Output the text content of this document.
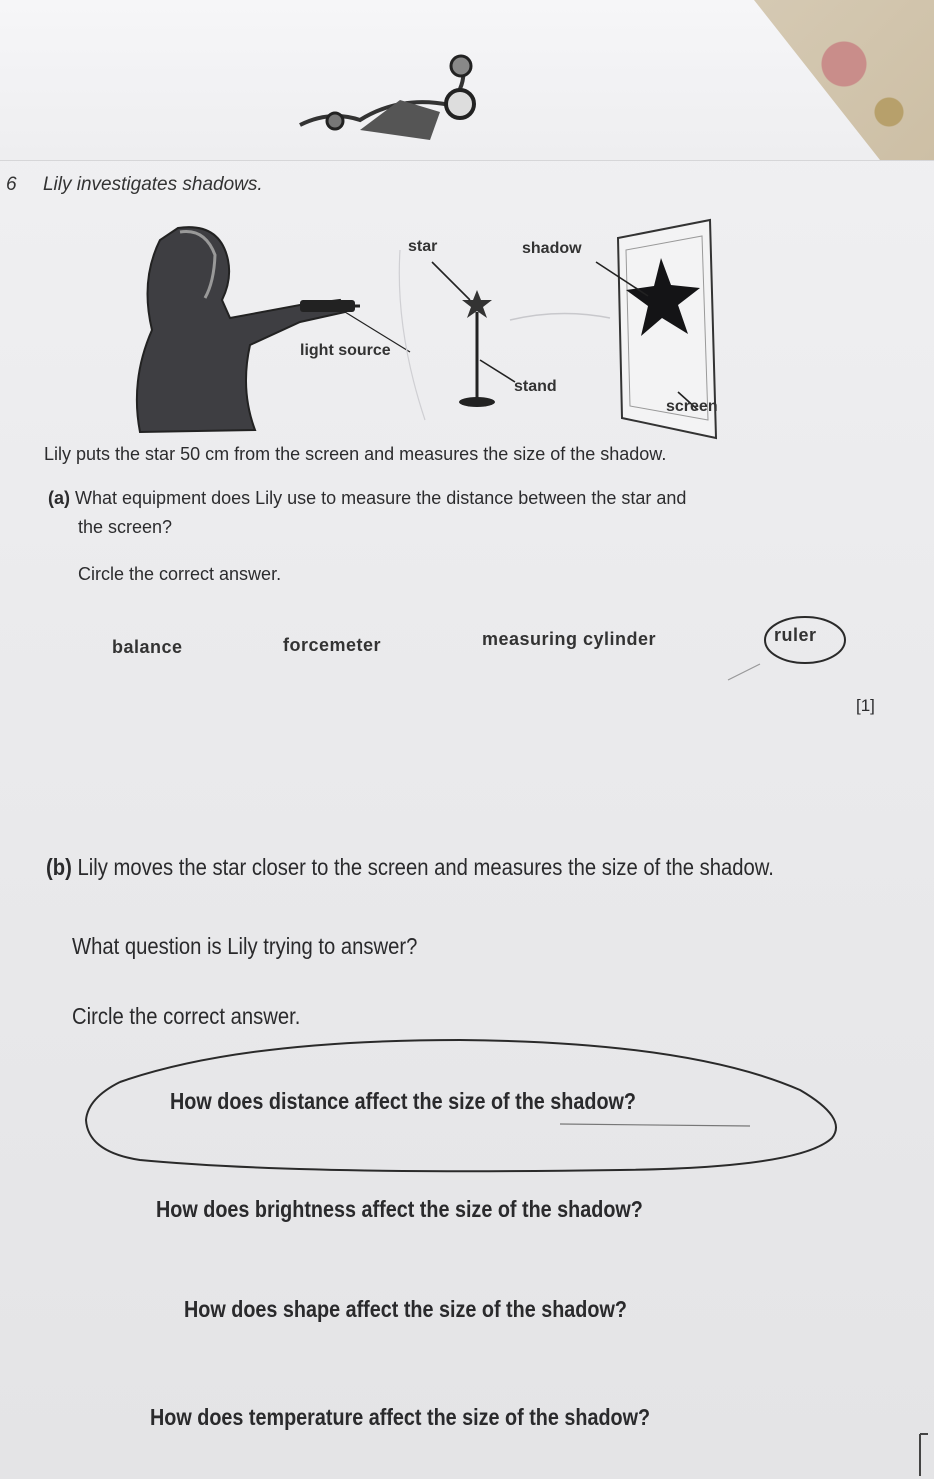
6 Lily investigates shadows.
star	shadow
light source
stand
screen
Lily puts the star 50 cm from the screen and measures the size of the shadow.
(a) What equipment does Lily use to measure the distance between the star and
the screen?
Circle the correct answer.
balance	forcemeter	measuring cylinder	ruler
[1]
(b) Lily moves the star closer to the screen and measures the size of the shadow.
What question is Lily trying to answer?
Circle the correct answer.
How does distance affect the size of the shadow?
How does brightness affect the size of the shadow?
How does shape affect the size of the shadow?
How does temperature affect the size of the shadow?
